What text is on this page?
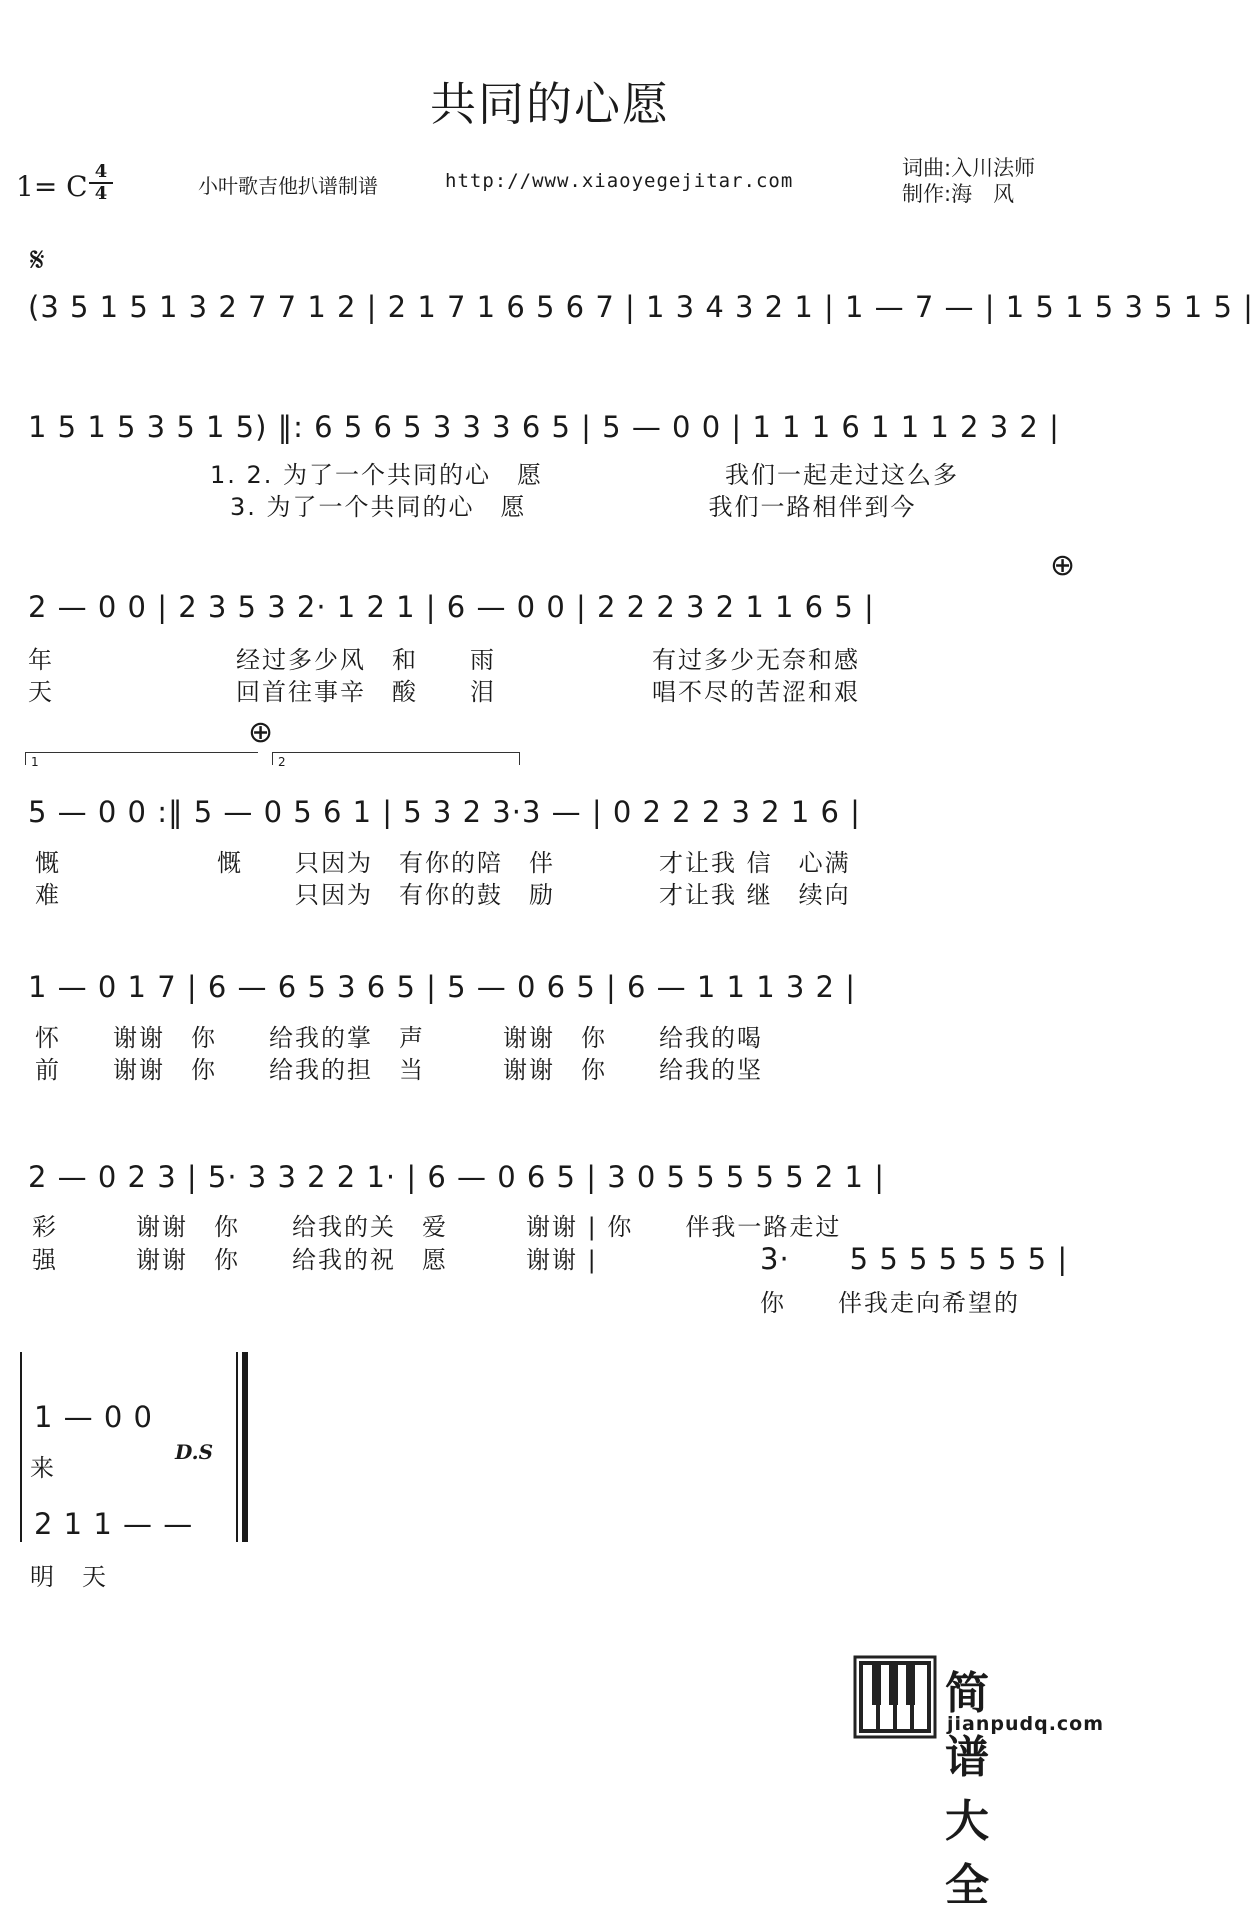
共同的心愿
1= C 4
4	小叶歌吉他扒谱制谱	http://www.xiaoyegejitar.com
词曲:入川法师
制作:海　风
𝄋
(3 5 1 5 1 3 2 7 7 1 2 | 2 1 7 1 6 5 6 7 | 1 3 4 3 2 1 | 1 — 7 — | 1 5 1 5 3 5 1 5 |
1 5 1 5 3 5 1 5) ‖: 6 5 6 5 3 3 3 6 5 | 5 — 0 0 | 1 1 1 6 1 1 1 2 3 2 |
1. 2. 为了一个共同的心　愿　　　　　　　我们一起走过这么多
3. 为了一个共同的心　愿　　　　　　　我们一路相伴到今
⊕
2 — 0 0 | 2 3 5 3 2· 1 2 1 | 6 — 0 0 | 2 2 2 3 2 1 1 6 5 |
年　　　　　　　经过多少风　和　　雨　　　　　　有过多少无奈和感
天　　　　　　　回首往事辛　酸　　泪　　　　　　唱不尽的苦涩和艰
⊕
1	2
5 — 0 0 :‖ 5 — 0 5 6 1 | 5 3 2 3·3 — | 0 2 2 2 3 2 1 6 |
慨　　　　　　慨　　只因为　有你的陪　伴　　　　才让我 信　心满
难　　　　　　　　　只因为　有你的鼓　励　　　　才让我 继　续向
1 — 0 1 7 | 6 — 6 5 3 6 5 | 5 — 0 6 5 | 6 — 1 1 1 3 2 |
怀　　谢谢　你　　给我的掌　声　　　谢谢　你　　给我的喝
前　　谢谢　你　　给我的担　当　　　谢谢　你　　给我的坚
2 — 0 2 3 | 5· 3 3 2 2 1· | 6 — 0 6 5 | 3 0 5 5 5 5 5 2 1 |
彩　　　谢谢　你　　给我的关　爱　　　谢谢 | 你　　伴我一路走过
强　　　谢谢　你　　给我的祝　愿　　　谢谢 |	3·　　5 5 5 5 5 5 5 |
你　　伴我走向希望的
1 — 0 0
来
D.S
2 1 1 — —
明　天
简谱大全
jianpudq.com
